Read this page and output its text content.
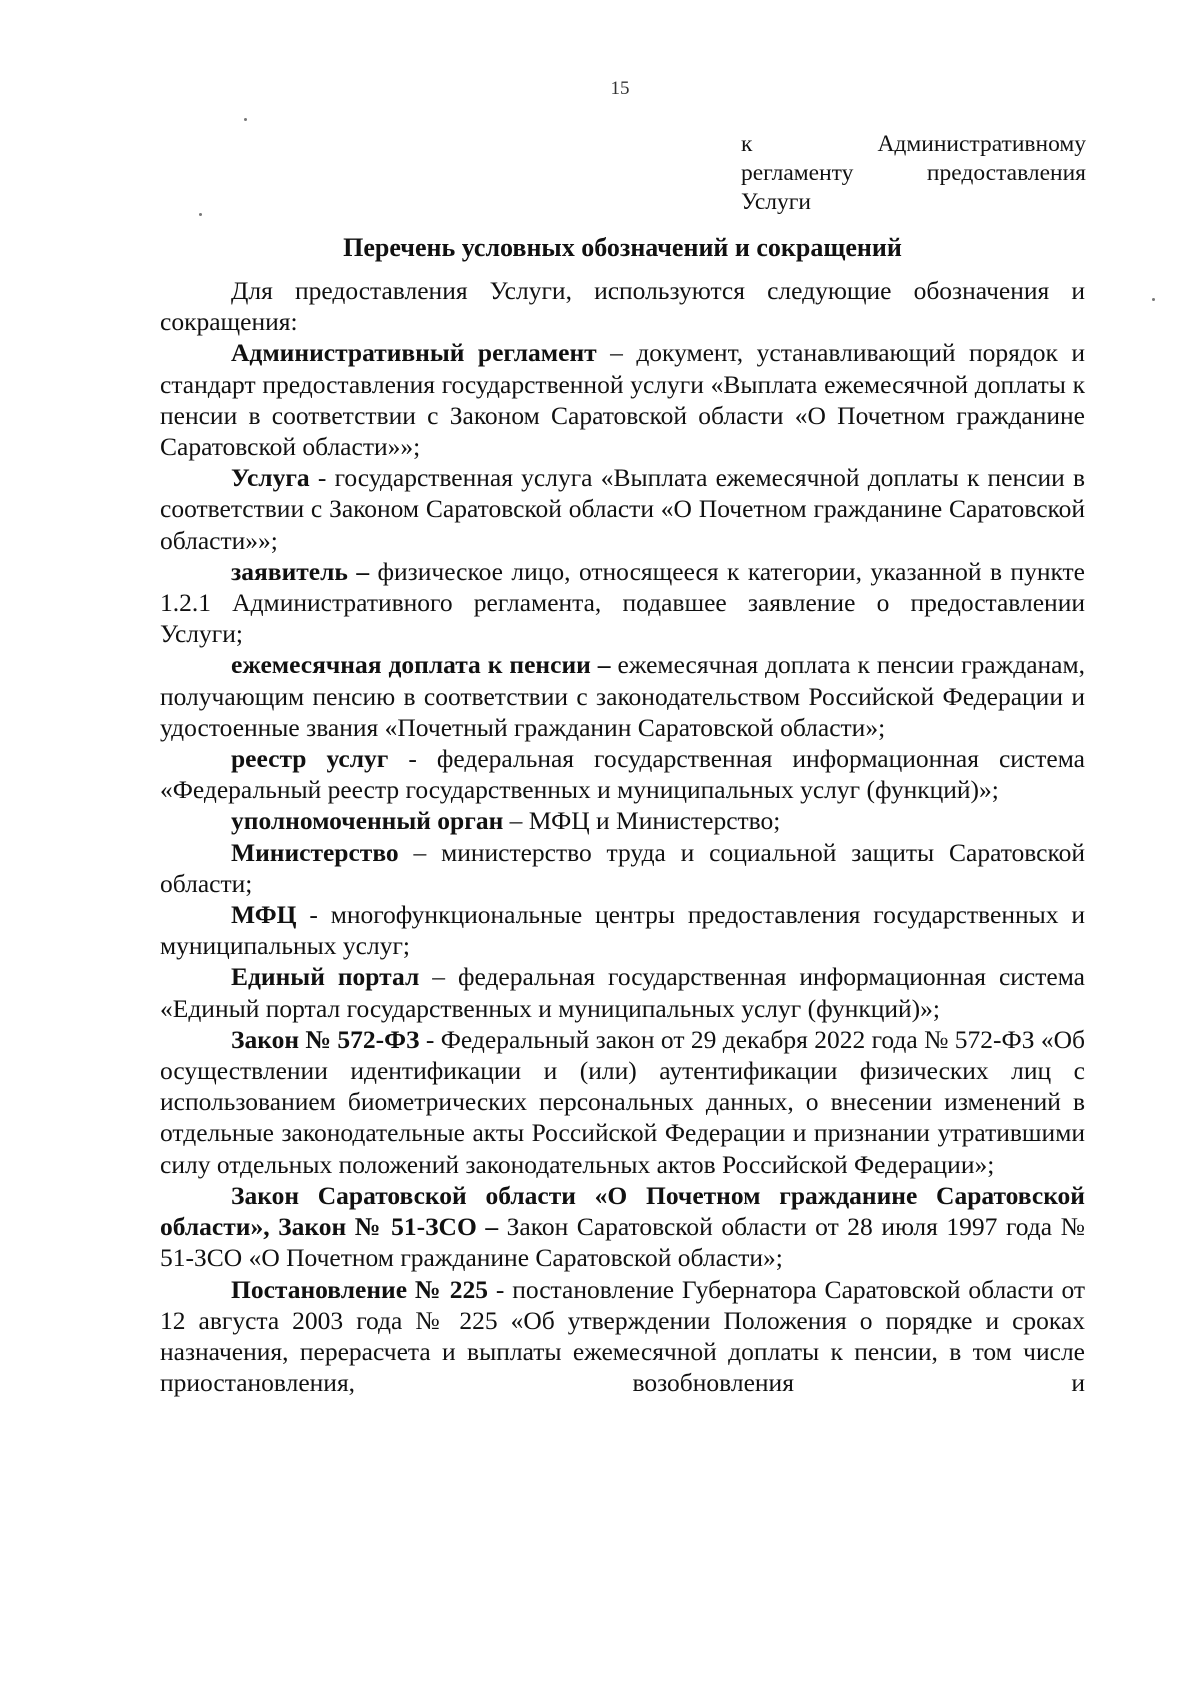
15
к Административному
регламенту предоставления
Услуги
Перечень условных обозначений и сокращений

Для предоставления Услуги, используются следующие обозначения и сокращения:

Административный регламент – документ, устанавливающий порядок и стандарт предоставления государственной услуги «Выплата ежемесячной доплаты к пенсии в соответствии с Законом Саратовской области «О Почетном гражданине Саратовской области»»;

Услуга - государственная услуга «Выплата ежемесячной доплаты к пенсии в соответствии с Законом Саратовской области «О Почетном гражданине Саратовской области»»;

заявитель – физическое лицо, относящееся к категории, указанной в пункте 1.2.1 Административного регламента, подавшее заявление о предоставлении Услуги;

ежемесячная доплата к пенсии – ежемесячная доплата к пенсии гражданам, получающим пенсию в соответствии с законодательством Российской Федерации и удостоенные звания «Почетный гражданин Саратовской области»;

реестр услуг - федеральная государственная информационная система «Федеральный реестр государственных и муниципальных услуг (функций)»;

уполномоченный орган – МФЦ и Министерство;

Министерство – министерство труда и социальной защиты Саратовской области;

МФЦ - многофункциональные центры предоставления государственных и муниципальных услуг;

Единый портал – федеральная государственная информационная система «Единый портал государственных и муниципальных услуг (функций)»;

Закон № 572-ФЗ - Федеральный закон от 29 декабря 2022 года № 572-ФЗ «Об осуществлении идентификации и (или) аутентификации физических лиц с использованием биометрических персональных данных, о внесении изменений в отдельные законодательные акты Российской Федерации и признании утратившими силу отдельных положений законодательных актов Российской Федерации»;

Закон Саратовской области «О Почетном гражданине Саратовской области», Закон № 51-ЗСО – Закон Саратовской области от 28 июля 1997 года № 51-ЗСО «О Почетном гражданине Саратовской области»;

Постановление № 225 - постановление Губернатора Саратовской области от 12 августа 2003 года № 225 «Об утверждении Положения о порядке и сроках назначения, перерасчета и выплаты ежемесячной доплаты к пенсии, в том числе приостановления, возобновления и
